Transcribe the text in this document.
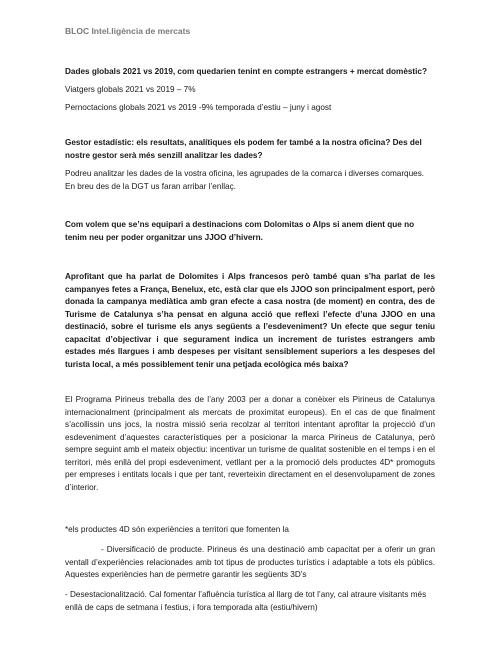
BLOC Intel.ligència de mercats

Dades globals 2021 vs 2019, com quedarien tenint en compte estrangers + mercat domèstic?

Viatgers globals 2021 vs 2019 – 7%

Pernoctacions globals 2021 vs 2019 -9% temporada d’estiu – juny i agost

Gestor estadístic: els resultats, analítiques els podem fer també a la nostra oficina? Des del nostre gestor serà més senzill analitzar les dades?

Podreu analitzar les dades de la vostra oficina, les agrupades de la comarca i diverses comarques. En breu des de la DGT us faran arribar l’enllaç.

Com volem que se’ns equipari a destinacions com Dolomitas o Alps si anem dient que no tenim neu per poder organitzar uns JJOO d’hivern.

Aprofitant que ha parlat de Dolomites i Alps francesos però també quan s’ha parlat de les campanyes fetes a França, Benelux, etc, està clar que els JJOO son principalment esport, però donada la campanya mediàtica amb gran efecte a casa nostra (de moment) en contra, des de Turisme de Catalunya s’ha pensat en alguna acció que reflexi l’efecte d’una JJOO en una destinació, sobre el turisme els anys següents a l’esdeveniment? Un efecte que segur teniu capacitat d’objectivar i que segurament indica un increment de turistes estrangers amb estades més llargues i amb despeses per visitant sensiblement superiors a les despeses del turista local, a més possiblement tenir una petjada ecològica més baixa?

El Programa Pirineus treballa des de l’any 2003 per a donar a conèixer els Pirineus de Catalunya internacionalment (principalment als mercats de proximitat europeus). En el cas de que finalment s’acollissin uns jocs, la nostra missió seria recolzar al territori intentant aprofitar la projecció d’un esdeveniment d’aquestes característiques per a posicionar la marca Pirineus de Catalunya, però sempre seguint amb el mateix objectiu: incentivar un turisme de qualitat sostenible en el temps i en el territori, més enllà del propi esdeveniment, vetllant per a la promoció dels productes 4D* promoguts per empreses i entitats locals i que per tant, reverteixin directament en el desenvolupament de zones d’interior.

*els productes 4D són experiències a territori que fomenten la

- Diversificació de producte. Pirineus és una destinació amb capacitat per a oferir un gran ventall d’experiències relacionades amb tot tipus de productes turístics i adaptable a tots els públics. Aquestes experiències han de permetre garantir les següents 3D’s

- Desestacionalització. Cal fomentar l’afluència turística al llarg de tot l’any, cal atraure visitants més enllà de caps de setmana i festius, i fora temporada alta (estiu/hivern)
